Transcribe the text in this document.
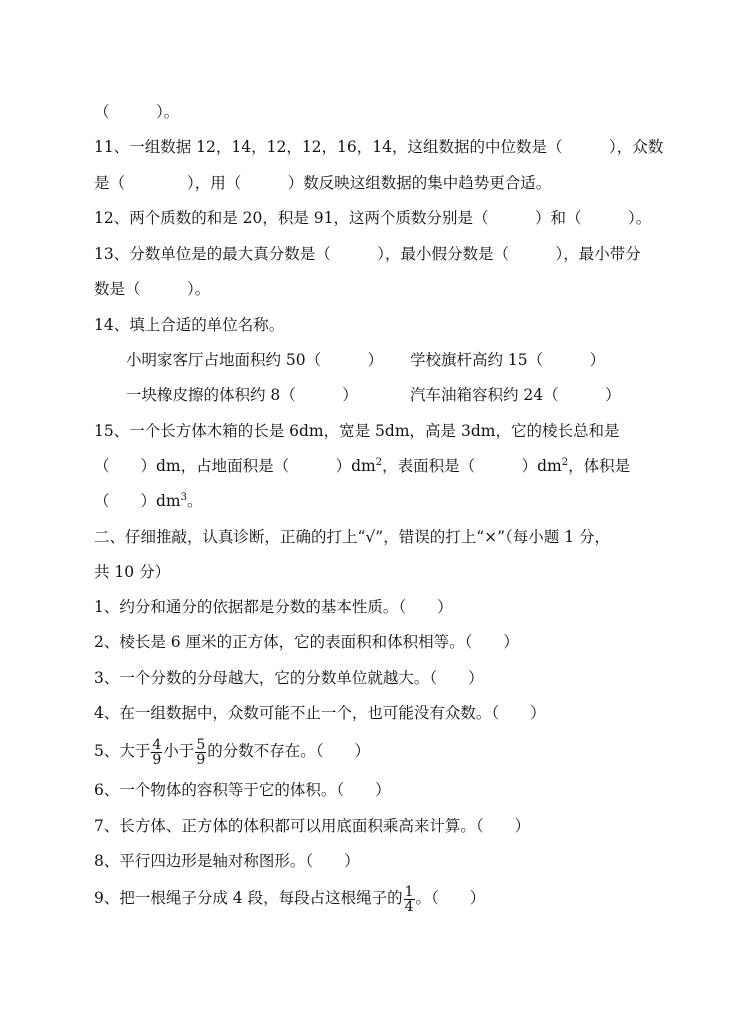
（　　　）。
11、一组数据 12，14，12，12，16，14，这组数据的中位数是（　　　），众数
是（　　　　），用（　　　）数反映这组数据的集中趋势更合适。
12、两个质数的和是 20，积是 91，这两个质数分别是（　　　）和（　　　）。
13、分数单位是的最大真分数是（　　　），最小假分数是（　　　），最小带分
数是（　　　）。
14、填上合适的单位名称。
小明家客厅占地面积约 50（　　　）	学校旗杆高约 15（　　　）
一块橡皮擦的体积约 8（　　　）	汽车油箱容积约 24（　　　）
15、一个长方体木箱的长是 6dm，宽是 5dm，高是 3dm，它的棱长总和是
（　　）dm，占地面积是（　　　）$dm^2$，表面积是（　　　）$dm^2$，体积是
（　　）$dm^3$。
二、仔细推敲，认真诊断，正确的打上“√”，错误的打上“×”（每小题 1 分，
共 10 分）
1、约分和通分的依据都是分数的基本性质。（　　）
2、棱长是 6 厘米的正方体，它的表面积和体积相等。（　　）
3、一个分数的分母越大，它的分数单位就越大。（　　）
4、在一组数据中，众数可能不止一个，也可能没有众数。（　　）
5、大于 $\frac{4}{9}$ 小于 $\frac{5}{9}$ 的分数不存在。（　　）
6、一个物体的容积等于它的体积。（　　）
7、长方体、正方体的体积都可以用底面积乘高来计算。（　　）
8、平行四边形是轴对称图形。（　　）
9、把一根绳子分成 4 段，每段占这根绳子的 $\frac{1}{4}$ 。（　　）
